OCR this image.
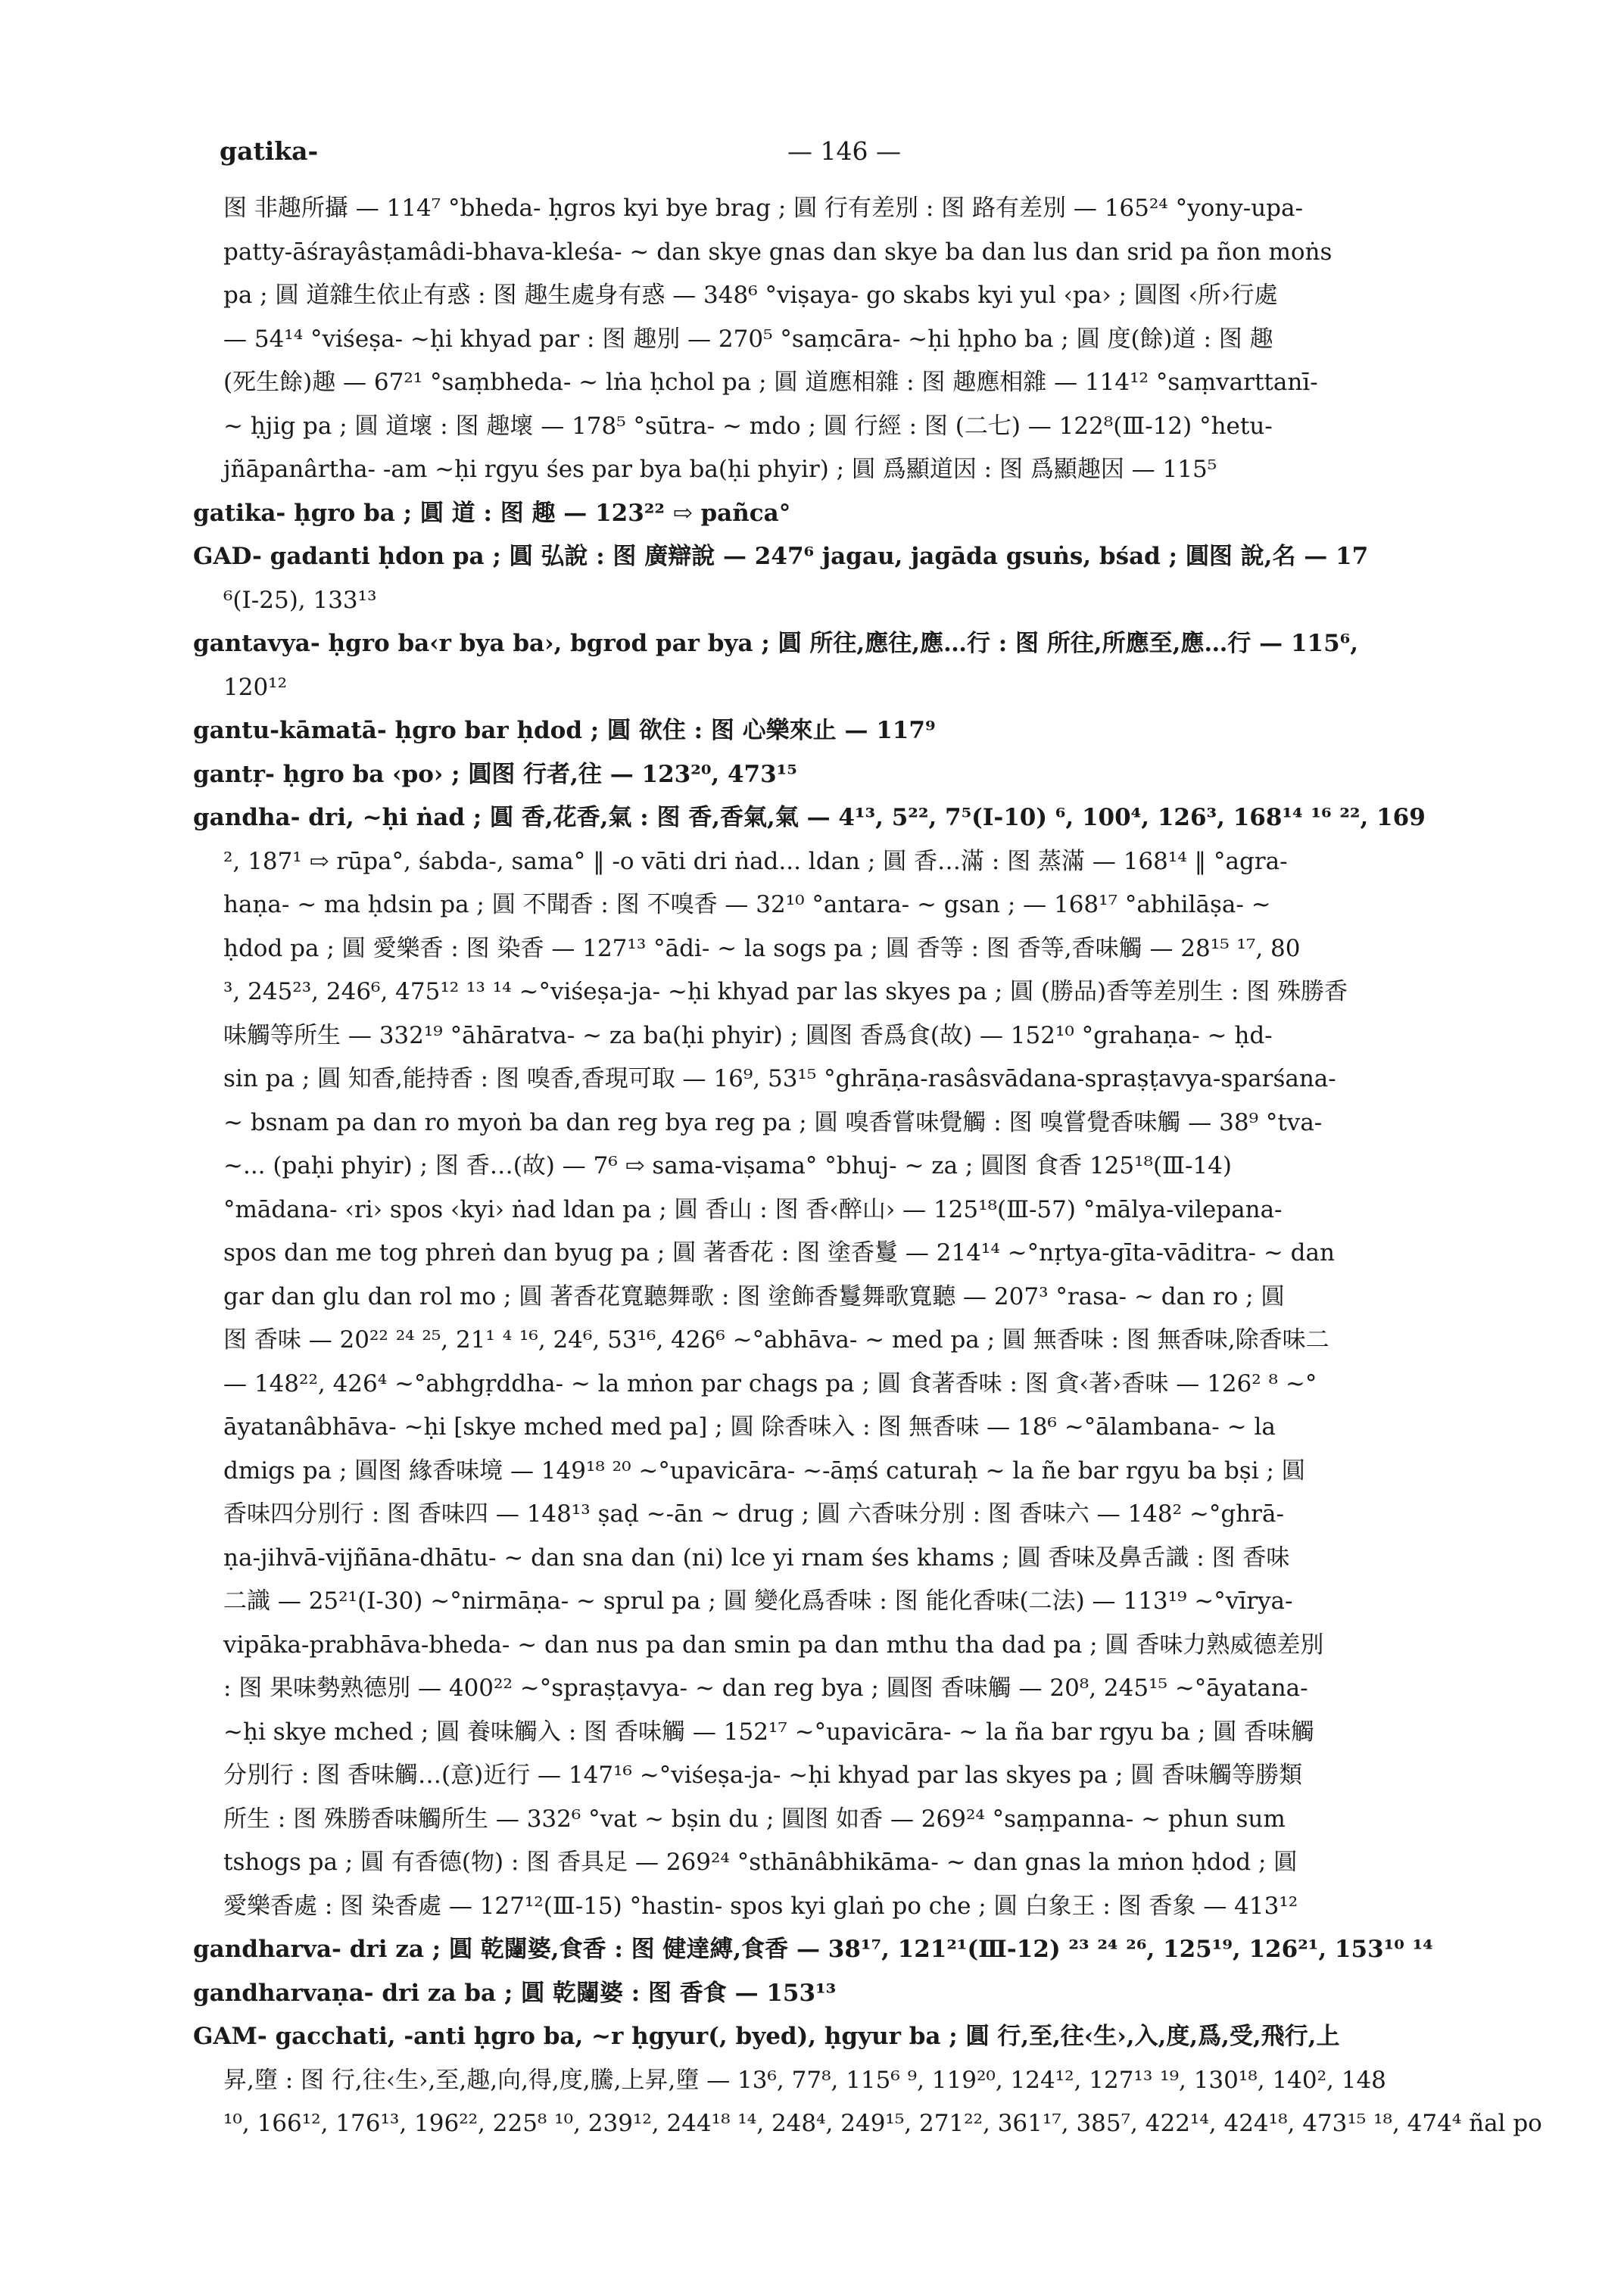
gatika-	— 146 —
图 非趣所攝 — 114⁷ °bheda- ḥgros kyi bye brag ; 圓 行有差別 : 图 路有差別 — 165²⁴ °yony-upa-
patty-āśrayâsṭamâdi-bhava-kleśa- ~ dan skye gnas dan skye ba dan lus dan srid pa ñon moṅs
pa ; 圓 道雜生依止有惑 : 图 趣生處身有惑 — 348⁶ °viṣaya- go skabs kyi yul ‹pa› ; 圓图 ‹所›行處
— 54¹⁴ °viśeṣa- ~ḥi khyad par : 图 趣別 — 270⁵ °saṃcāra- ~ḥi ḥpho ba ; 圓 度(餘)道 : 图 趣
(死生餘)趣 — 67²¹ °saṃbheda- ~ lṅa ḥchol pa ; 圓 道應相雜 : 图 趣應相雜 — 114¹² °saṃvarttanī-
~ ḥjig pa ; 圓 道壞 : 图 趣壞 — 178⁵ °sūtra- ~ mdo ; 圓 行經 : 图 (二七) — 122⁸(Ⅲ-12) °hetu-
jñāpanârtha- -am ~ḥi rgyu śes par bya ba(ḥi phyir) ; 圓 爲顯道因 : 图 爲顯趣因 — 115⁵
gatika- ḥgro ba ; 圓 道 : 图 趣 — 123²² ⇨ pañca°
GAD- gadanti ḥdon pa ; 圓 弘說 : 图 廣辯說 — 247⁶ jagau, jagāda gsuṅs, bśad ; 圓图 說,名 — 17
⁶(Ⅰ-25), 133¹³
gantavya- ḥgro ba‹r bya ba›, bgrod par bya ; 圓 所往,應往,應…行 : 图 所往,所應至,應…行 — 115⁶,
120¹²
gantu-kāmatā- ḥgro bar ḥdod ; 圓 欲住 : 图 心樂來止 — 117⁹
gantṛ- ḥgro ba ‹po› ; 圓图 行者,往 — 123²⁰, 473¹⁵
gandha- dri, ~ḥi ṅad ; 圓 香,花香,氣 : 图 香,香氣,氣 — 4¹³, 5²², 7⁵(Ⅰ-10) ⁶, 100⁴, 126³, 168¹⁴ ¹⁶ ²², 169
², 187¹ ⇨ rūpa°, śabda-, sama° ‖ -o vāti dri ṅad... ldan ; 圓 香…滿 : 图 蒸滿 — 168¹⁴ ‖ °agra-
haṇa- ~ ma ḥdsin pa ; 圓 不聞香 : 图 不嗅香 — 32¹⁰ °antara- ~ gsan ; — 168¹⁷ °abhilāṣa- ~
ḥdod pa ; 圓 愛樂香 : 图 染香 — 127¹³ °ādi- ~ la sogs pa ; 圓 香等 : 图 香等,香味觸 — 28¹⁵ ¹⁷, 80
³, 245²³, 246⁶, 475¹² ¹³ ¹⁴ ~°viśeṣa-ja- ~ḥi khyad par las skyes pa ; 圓 (勝品)香等差別生 : 图 殊勝香
味觸等所生 — 332¹⁹ °āhāratva- ~ za ba(ḥi phyir) ; 圓图 香爲食(故) — 152¹⁰ °grahaṇa- ~ ḥd-
sin pa ; 圓 知香,能持香 : 图 嗅香,香現可取 — 16⁹, 53¹⁵ °ghrāṇa-rasâsvādana-spraṣṭavya-sparśana-
~ bsnam pa dan ro myoṅ ba dan reg bya reg pa ; 圓 嗅香嘗味覺觸 : 图 嗅嘗覺香味觸 — 38⁹ °tva-
~... (paḥi phyir) ; 图 香…(故) — 7⁶ ⇨ sama-viṣama° °bhuj- ~ za ; 圓图 食香 125¹⁸(Ⅲ-14)
°mādana- ‹ri› spos ‹kyi› ṅad ldan pa ; 圓 香山 : 图 香‹醉山› — 125¹⁸(Ⅲ-57) °mālya-vilepana-
spos dan me tog phreṅ dan byug pa ; 圓 著香花 : 图 塗香鬘 — 214¹⁴ ~°nṛtya-gīta-vāditra- ~ dan
gar dan glu dan rol mo ; 圓 著香花寬聽舞歌 : 图 塗飾香鬘舞歌寬聽 — 207³ °rasa- ~ dan ro ; 圓
图 香味 — 20²² ²⁴ ²⁵, 21¹ ⁴ ¹⁶, 24⁶, 53¹⁶, 426⁶ ~°abhāva- ~ med pa ; 圓 無香味 : 图 無香味,除香味二
— 148²², 426⁴ ~°abhgṛddha- ~ la mṅon par chags pa ; 圓 食著香味 : 图 貪‹著›香味 — 126² ⁸ ~°
āyatanâbhāva- ~ḥi [skye mched med pa] ; 圓 除香味入 : 图 無香味 — 18⁶ ~°ālambana- ~ la
dmigs pa ; 圓图 緣香味境 — 149¹⁸ ²⁰ ~°upavicāra- ~-āṃś caturaḥ ~ la ñe bar rgyu ba bṣi ; 圓
香味四分別行 : 图 香味四 — 148¹³ ṣaḍ ~-ān ~ drug ; 圓 六香味分別 : 图 香味六 — 148² ~°ghrā-
ṇa-jihvā-vijñāna-dhātu- ~ dan sna dan (ni) lce yi rnam śes khams ; 圓 香味及鼻舌識 : 图 香味
二識 — 25²¹(Ⅰ-30) ~°nirmāṇa- ~ sprul pa ; 圓 變化爲香味 : 图 能化香味(二法) — 113¹⁹ ~°vīrya-
vipāka-prabhāva-bheda- ~ dan nus pa dan smin pa dan mthu tha dad pa ; 圓 香味力熟威德差別
: 图 果味勢熟德別 — 400²² ~°spraṣṭavya- ~ dan reg bya ; 圓图 香味觸 — 20⁸, 245¹⁵ ~°āyatana-
~ḥi skye mched ; 圓 養味觸入 : 图 香味觸 — 152¹⁷ ~°upavicāra- ~ la ña bar rgyu ba ; 圓 香味觸
分別行 : 图 香味觸…(意)近行 — 147¹⁶ ~°viśeṣa-ja- ~ḥi khyad par las skyes pa ; 圓 香味觸等勝類
所生 : 图 殊勝香味觸所生 — 332⁶ °vat ~ bṣin du ; 圓图 如香 — 269²⁴ °saṃpanna- ~ phun sum
tshogs pa ; 圓 有香德(物) : 图 香具足 — 269²⁴ °sthānâbhikāma- ~ dan gnas la mṅon ḥdod ; 圓
愛樂香處 : 图 染香處 — 127¹²(Ⅲ-15) °hastin- spos kyi glaṅ po che ; 圓 白象王 : 图 香象 — 413¹²
gandharva- dri za ; 圓 乾闥婆,食香 : 图 健達縛,食香 — 38¹⁷, 121²¹(Ⅲ-12) ²³ ²⁴ ²⁶, 125¹⁹, 126²¹, 153¹⁰ ¹⁴
gandharvaṇa- dri za ba ; 圓 乾闥婆 : 图 香食 — 153¹³
GAM- gacchati, -anti ḥgro ba, ~r ḥgyur(, byed), ḥgyur ba ; 圓 行,至,往‹生›,入,度,爲,受,飛行,上
昇,墮 : 图 行,往‹生›,至,趣,向,得,度,騰,上昇,墮 — 13⁶, 77⁸, 115⁶ ⁹, 119²⁰, 124¹², 127¹³ ¹⁹, 130¹⁸, 140², 148
¹⁰, 166¹², 176¹³, 196²², 225⁸ ¹⁰, 239¹², 244¹⁸ ¹⁴, 248⁴, 249¹⁵, 271²², 361¹⁷, 385⁷, 422¹⁴, 424¹⁸, 473¹⁵ ¹⁸, 474⁴ ñal po
